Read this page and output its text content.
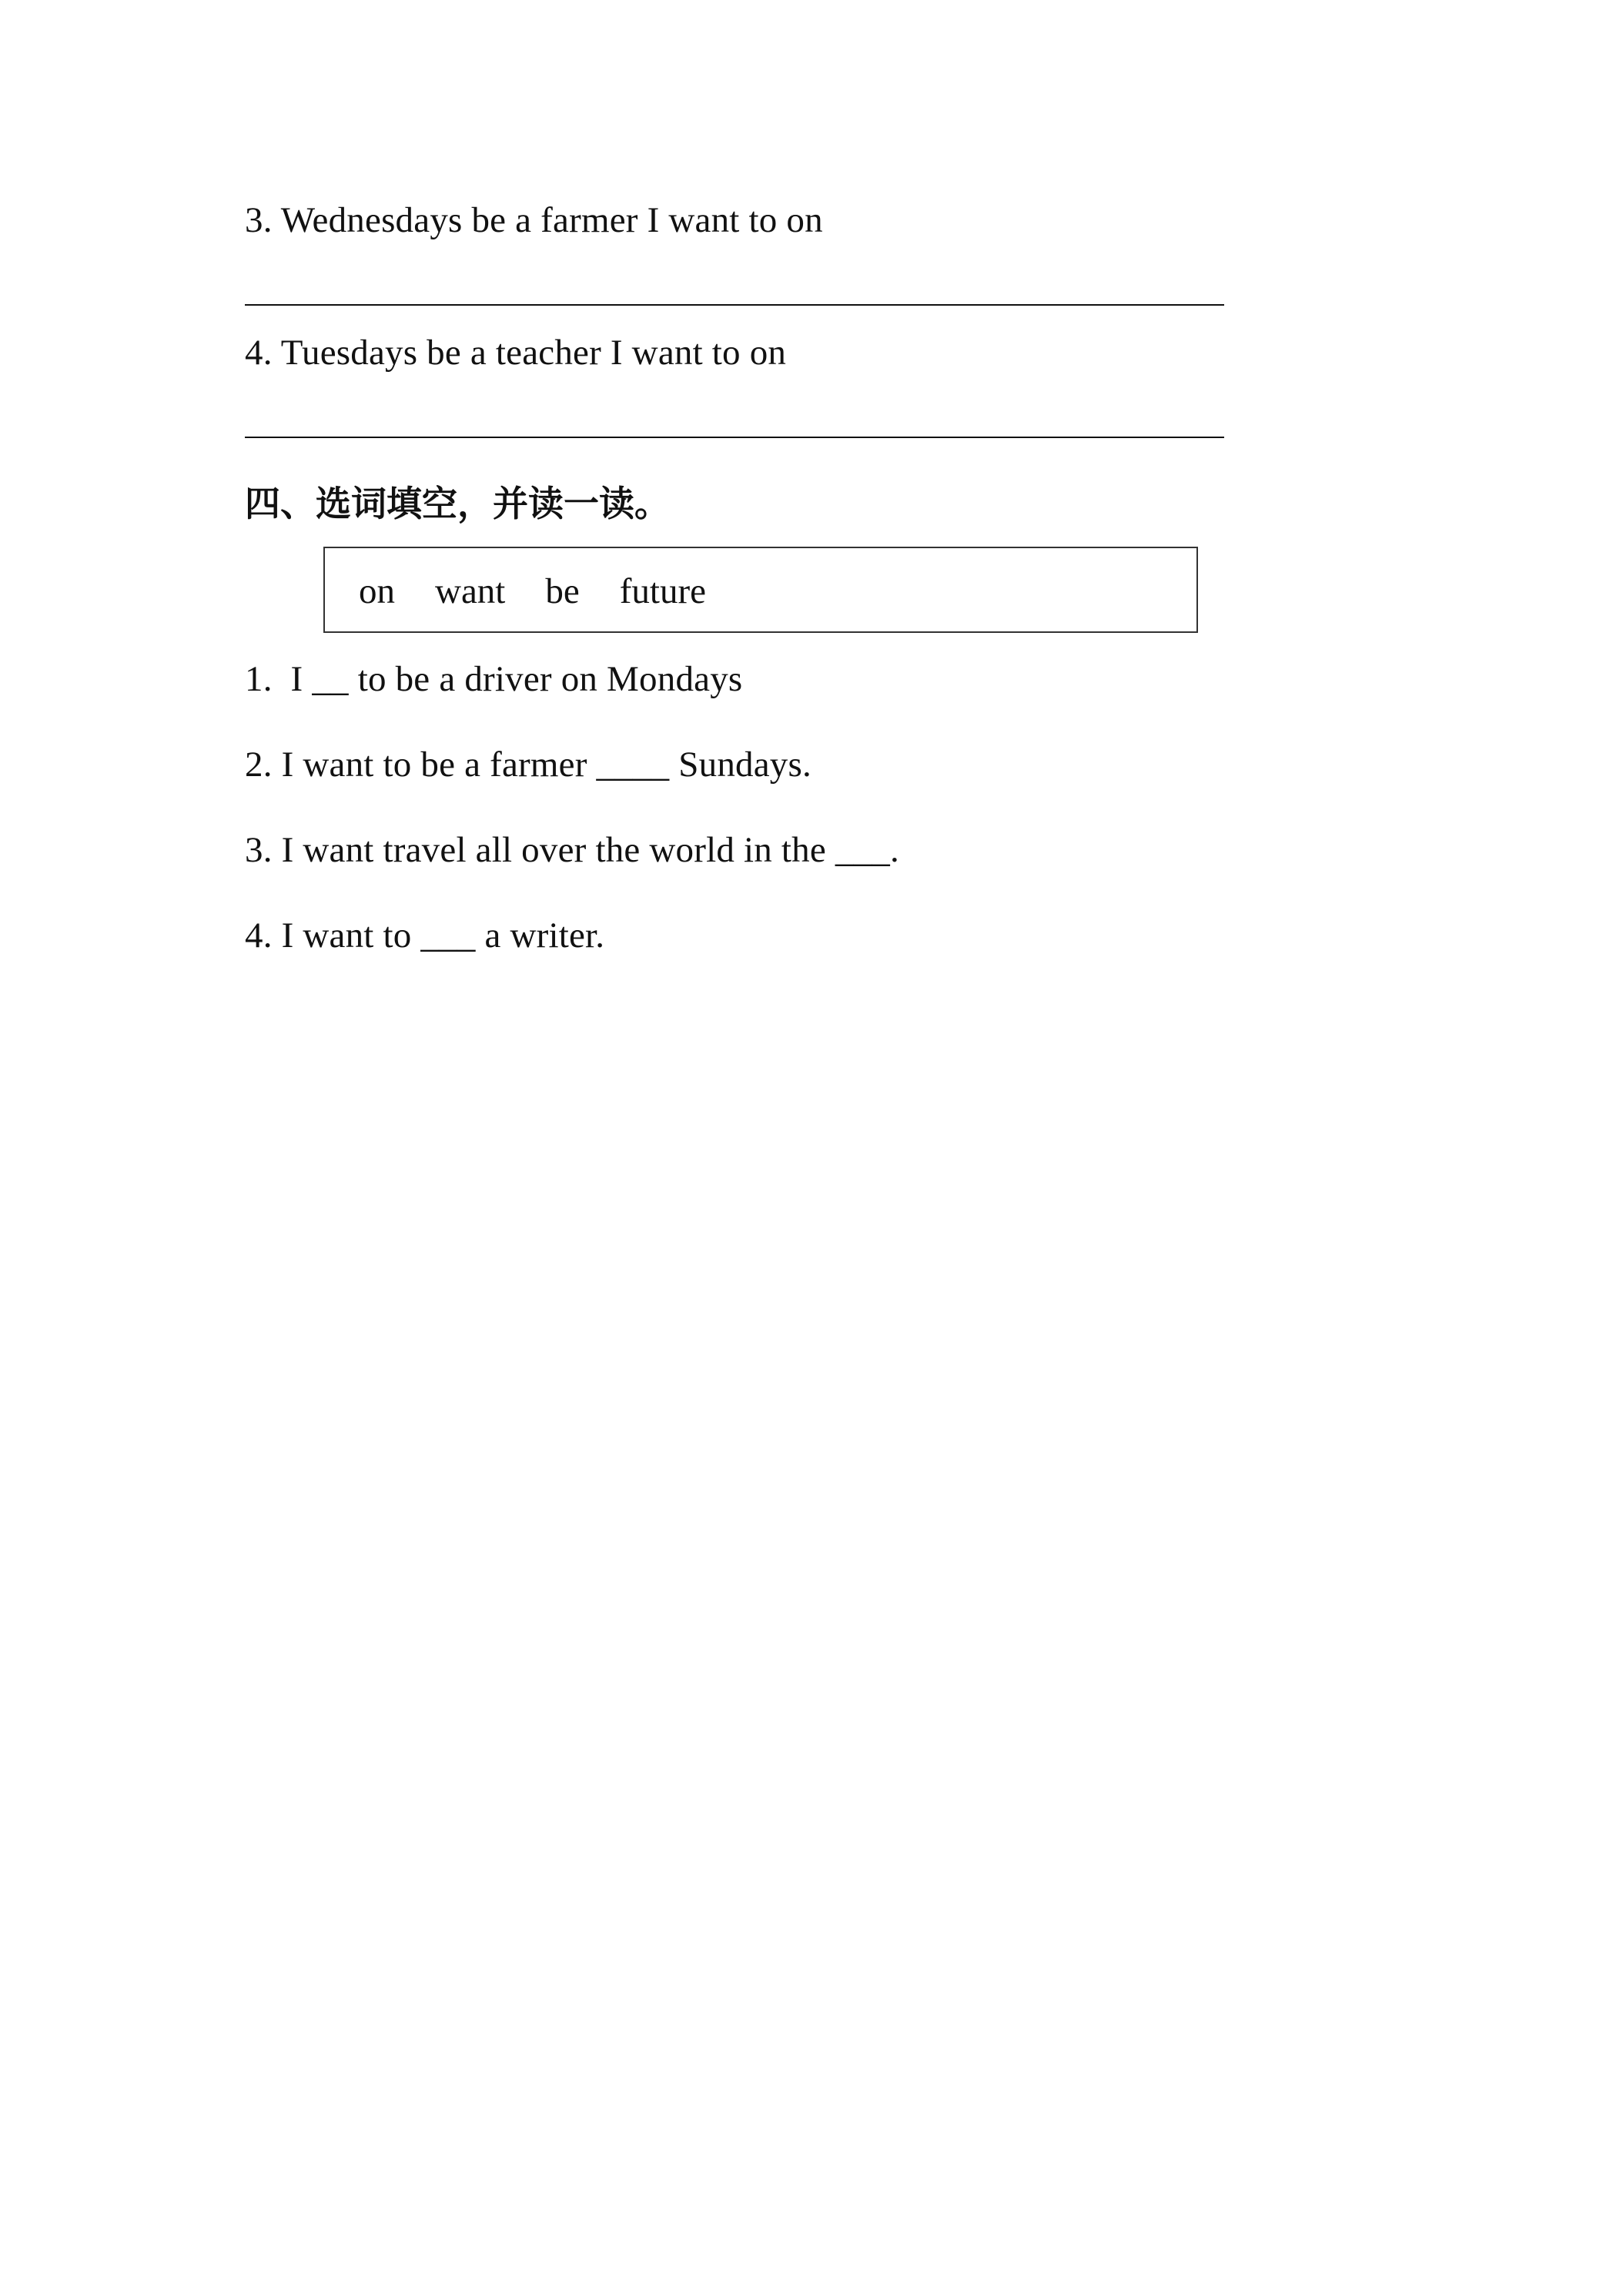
3. Wednesdays be a farmer I want to on
4. Tuesdays be a teacher I want to on
四、选词填空，并读一读。
on want be future
1.  I __ to be a driver on Mondays
2. I want to be a farmer ____ Sundays.
3. I want travel all over the world in the ___.
4. I want to ___ a writer.
